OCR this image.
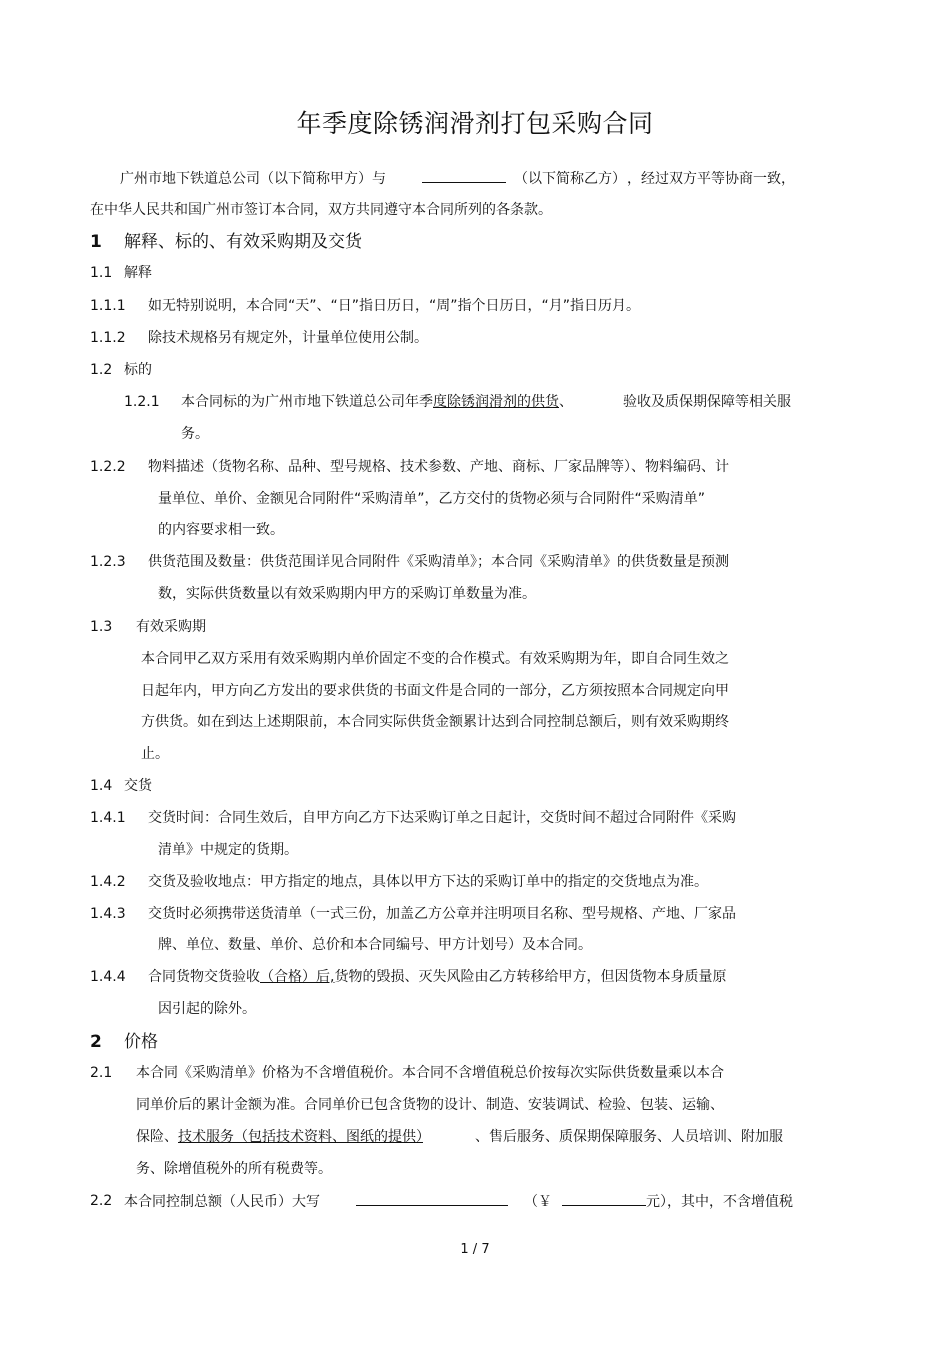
年季度除锈润滑剂打包采购合同
广州市地下铁道总公司（以下简称甲方）与	（以下简称乙方） ，经过双方平等协商一致，
在中华人民共和国广州市签订本合同，双方共同遵守本合同所列的各条款。
1 解释、标的、有效采购期及交货
1.1 解释
1.1.1 如无特别说明，本合同“天”、“日”指日历日，“周”指个日历日，“月”指日历月。
1.1.2 除技术规格另有规定外，计量单位使用公制。
1.2 标的
1.2.1 本合同标的为广州市地下铁道总公司年季度除锈润滑剂的供货、	验收及质保期保障等相关服
务。
1.2.2 物料描述（货物名称、品种、型号规格、技术参数、产地、商标、厂家品牌等）、物料编码、计
量单位、单价、金额见合同附件“采购清单”，乙方交付的货物必须与合同附件“采购清单”
的内容要求相一致。
1.2.3 供货范围及数量：供货范围详见合同附件《采购清单》；本合同《采购清单》的供货数量是预测
数，实际供货数量以有效采购期内甲方的采购订单数量为准。
1.3 有效采购期
本合同甲乙双方采用有效采购期内单价固定不变的合作模式。有效采购期为年，即自合同生效之
日起年内，甲方向乙方发出的要求供货的书面文件是合同的一部分，乙方须按照本合同规定向甲
方供货。如在到达上述期限前，本合同实际供货金额累计达到合同控制总额后，则有效采购期终
止。
1.4 交货
1.4.1 交货时间：合同生效后，自甲方向乙方下达采购订单之日起计，交货时间不超过合同附件《采购
清单》中规定的货期。
1.4.2 交货及验收地点：甲方指定的地点，具体以甲方下达的采购订单中的指定的交货地点为准。
1.4.3 交货时必须携带送货清单（一式三份，加盖乙方公章并注明项目名称、型号规格、产地、厂家品
牌、单位、数量、单价、总价和本合同编号、甲方计划号）及本合同。
1.4.4 合同货物交货验收（合格）后,货物的毁损、灭失风险由乙方转移给甲方，但因货物本身质量原
因引起的除外。
2 价格
2.1 本合同《采购清单》价格为不含增值税价。本合同不含增值税总价按每次实际供货数量乘以本合
同单价后的累计金额为准。合同单价已包含货物的设计、制造、安装调试、检验、包装、运输、
保险、技术服务（包括技术资料、图纸的提供）	、售后服务、质保期保障服务、人员培训、附加服
务、除增值税外的所有税费等。
2.2 本合同控制总额（人民币）大写	（￥	元），其中，不含增值税
1 / 7
